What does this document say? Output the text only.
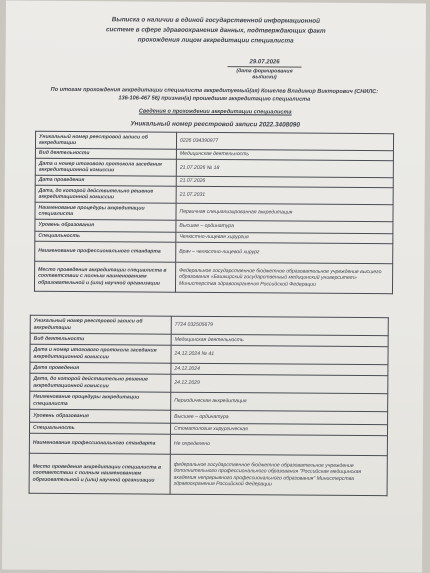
Выписка о наличии в единой государственной информационной
системе в сфере здравоохранения данных, подтверждающих факт
прохождения лицом аккредитации специалиста
29.07.2026
(дата формирования выписки)
По итогам прохождения аккредитации специалиста аккредитуемый(ая) Кошелев Владимир Викторович (СНИЛС: 136-106-467 56) признан(а) прошедшим аккредитацию специалиста
Сведения о прохождении аккредитации специалиста
Уникальный номер реестровой записи 2022.3408090
Уникальный номер реестровой записи об аккредитации	0226 034390977
Вид деятельности	Медицинская деятельность
Дата и номер итогового протокола заседания аккредитационной комиссии	21.07.2026 № 18
Дата проведения	21.07.2026
Дата, до которой действительно решение аккредитационной комиссии	21.07.2031
Наименование процедуры аккредитации специалиста	Первичная специализированная аккредитация
Уровень образования	Высшее – ординатура
Специальность	Челюстно-лицевая хирургия
Наименование профессионального стандарта	Врач – челюстно-лицевой хирург
Место проведения аккредитации специалиста в соответствии с полным наименованием образовательной и (или) научной организации	Федеральное государственное бюджетное образовательное учреждение высшего образования «Башкирский государственный медицинский университет» Министерства здравоохранения Российской Федерации
Уникальный номер реестровой записи об аккредитации	7724 032505679
Вид деятельности	Медицинская деятельность
Дата и номер итогового протокола заседания аккредитационной комиссии	24.12.2024 № 41
Дата проведения	24.12.2024
Дата, до которой действительно решение аккредитационной комиссии	24.12.2029
Наименование процедуры аккредитации специалиста	Периодическая аккредитация
Уровень образования	Высшее – ординатура
Специальность	Стоматология хирургическая
Наименование профессионального стандарта	Не определено
Место проведения аккредитации специалиста в соответствии с полным наименованием образовательной и (или) научной организации	федеральное государственное бюджетное образовательное учреждение дополнительного профессионального образования "Российская медицинская академия непрерывного профессионального образования" Министерства здравоохранения Российской Федерации
